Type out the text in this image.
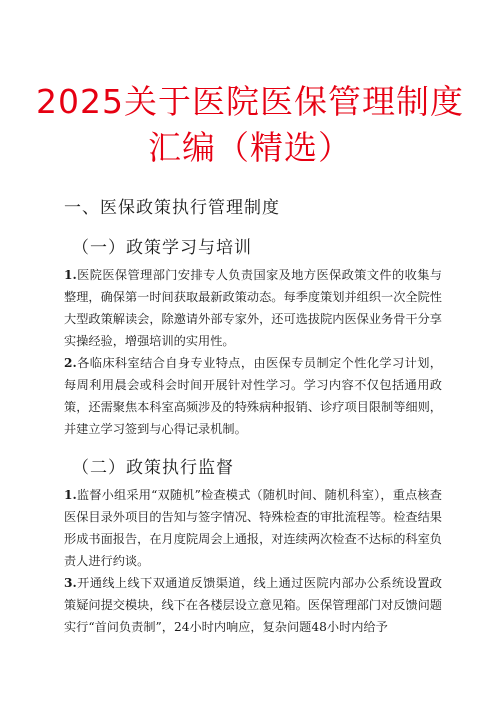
2025关于医院医保管理制度
汇编（精选）
一、医保政策执行管理制度
（一）政策学习与培训

1.医院医保管理部门安排专人负责国家及地方医保政策文件的收集与整理，确保第一时间获取最新政策动态。每季度策划并组织一次全院性大型政策解读会，除邀请外部专家外，还可选拔院内医保业务骨干分享实操经验，增强培训的实用性。

2.各临床科室结合自身专业特点，由医保专员制定个性化学习计划，每周利用晨会或科会时间开展针对性学习。学习内容不仅包括通用政策，还需聚焦本科室高频涉及的特殊病种报销、诊疗项目限制等细则，并建立学习签到与心得记录机制。

（二）政策执行监督

1.监督小组采用“双随机”检查模式（随机时间、随机科室），重点核查医保目录外项目的告知与签字情况、特殊检查的审批流程等。检查结果形成书面报告，在月度院周会上通报，对连续两次检查不达标的科室负责人进行约谈。

3.开通线上线下双通道反馈渠道，线上通过医院内部办公系统设置政策疑问提交模块，线下在各楼层设立意见箱。医保管理部门对反馈问题实行“首问负责制”，24小时内响应，复杂问题48小时内给予
